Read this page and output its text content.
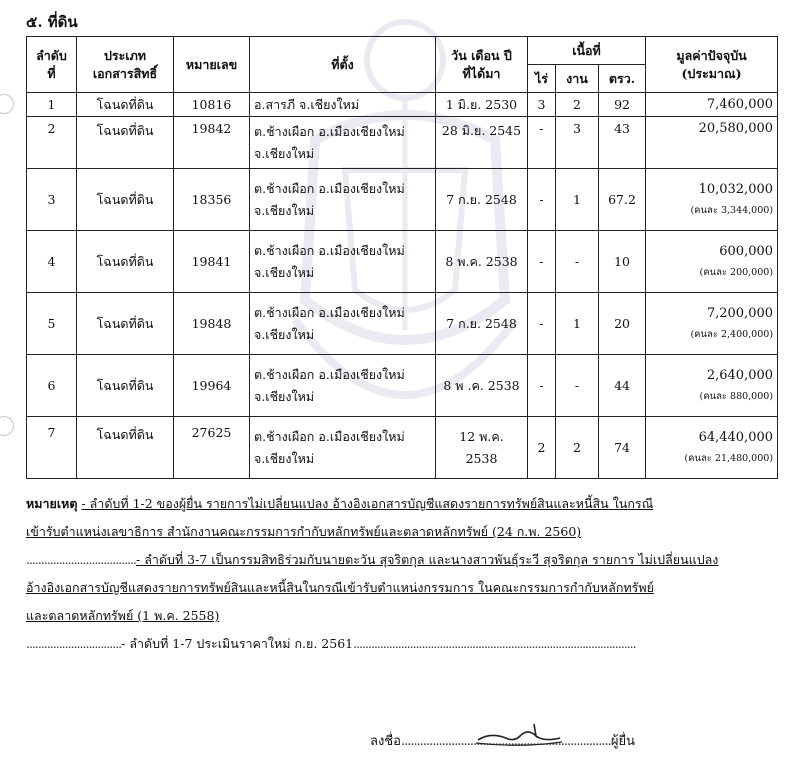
๕. ที่ดิน
ลำดับ
ที่	ประเภท
เอกสารสิทธิ์	หมายเลข	ที่ตั้ง	วัน เดือน ปี
ที่ได้มา	เนื้อที่			มูลค่าปัจจุบัน
(ประมาณ)
					ไร่	งาน	ตรว.	
1	โฉนดที่ดิน	10816	อ.สารภี จ.เชียงใหม่	1 มิ.ย. 2530	3	2	92	7,460,000

2	โฉนดที่ดิน	19842	ต.ช้างเผือก อ.เมืองเชียงใหม่
จ.เชียงใหม่	28 มิ.ย. 2545	-	3	43	20,580,000

3	โฉนดที่ดิน	18356	ต.ช้างเผือก อ.เมืองเชียงใหม่
จ.เชียงใหม่	7 ก.ย. 2548	-	1	67.2	10,032,000
(คนละ 3,344,000)

4	โฉนดที่ดิน	19841	ต.ช้างเผือก อ.เมืองเชียงใหม่
จ.เชียงใหม่	8 พ.ค. 2538	-	-	10	600,000
(คนละ 200,000)

5	โฉนดที่ดิน	19848	ต.ช้างเผือก อ.เมืองเชียงใหม่
จ.เชียงใหม่	7 ก.ย. 2548	-	1	20	7,200,000
(คนละ 2,400,000)

6	โฉนดที่ดิน	19964	ต.ช้างเผือก อ.เมืองเชียงใหม่
จ.เชียงใหม่	8 พ .ค. 2538	-	-	44	2,640,000
(คนละ 880,000)

7	โฉนดที่ดิน	27625	ต.ช้างเผือก อ.เมืองเชียงใหม่
จ.เชียงใหม่	12 พ.ค.
2538	2	2	74	64,440,000
(คนละ 21,480,000)
หมายเหตุ - ลำดับที่ 1-2 ของผู้ยื่น รายการไม่เปลี่ยนแปลง อ้างอิงเอกสารบัญชีแสดงรายการทรัพย์สินและหนี้สิน ในกรณี
เข้ารับตำแหน่งเลขาธิการ สำนักงานคณะกรรมการกำกับหลักทรัพย์และตลาดหลักทรัพย์ (24 ก.พ. 2560)
.....................................- ลำดับที่ 3-7 เป็นกรรมสิทธิร่วมกับนายตะวัน สุจริตกุล และนางสาวพันธุ์ระวี สุจริตกุล รายการ ไม่เปลี่ยนแปลง
อ้างอิงเอกสารบัญชีแสดงรายการทรัพย์สินและหนี้สินในกรณีเข้ารับตำแหน่งกรรมการ ในคณะกรรมการกำกับหลักทรัพย์
และตลาดหลักทรัพย์ (1 พ.ค. 2558)
................................- ลำดับที่ 1-7 ประเมินราคาใหม่ ก.ย. 2561...............................................................................................
ลงชื่อ...................................................................ผู้ยื่น
